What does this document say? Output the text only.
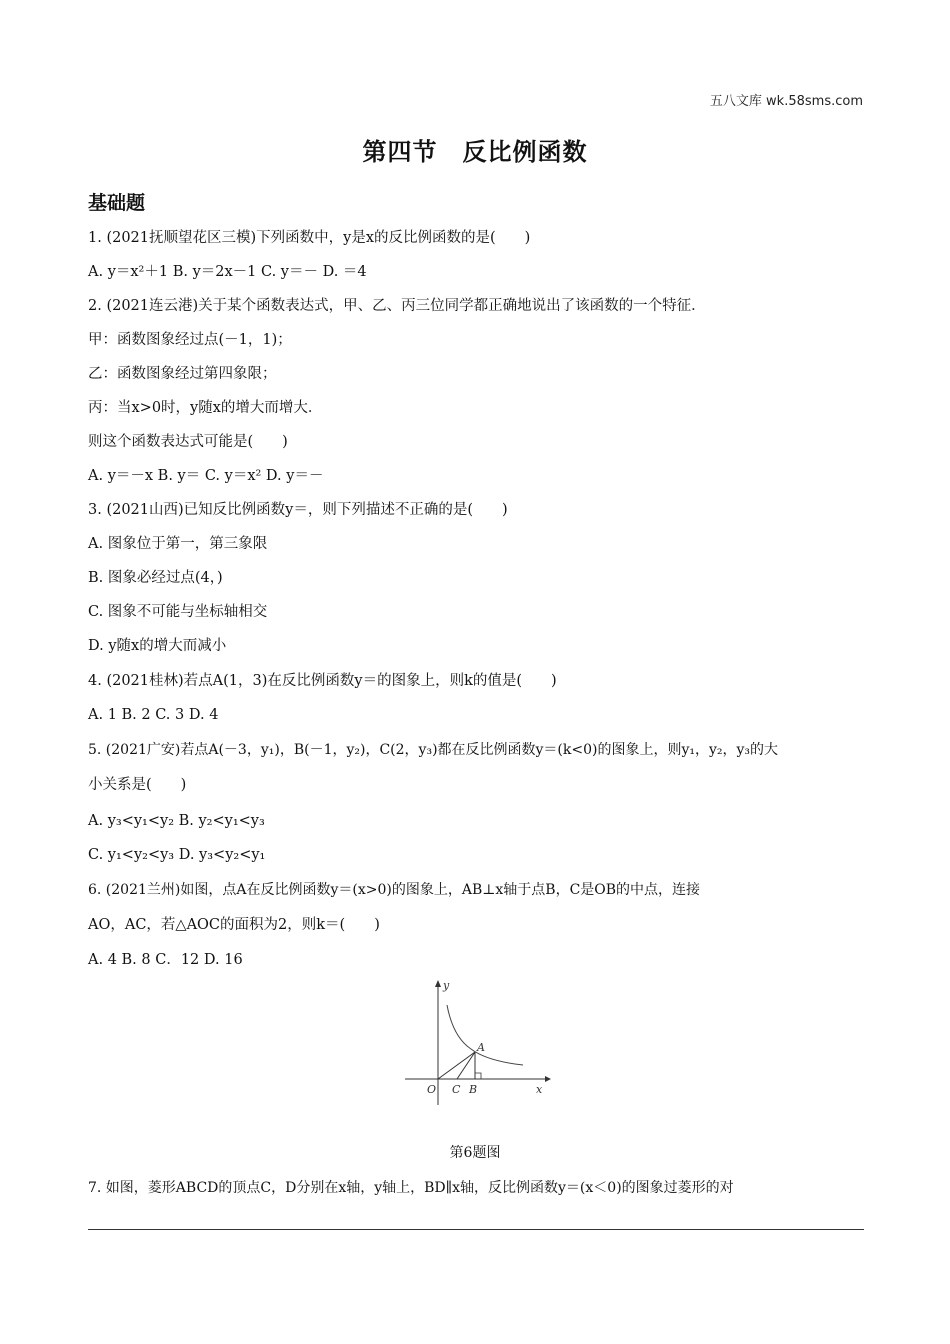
五八文库 wk.58sms.com
第四节　反比例函数
基础题
1. (2021抚顺望花区三模)下列函数中，y是x的反比例函数的是(　　)
A. y＝x²＋1 B. y＝2x－1 C. y＝－ D. ＝4
2. (2021连云港)关于某个函数表达式，甲、乙、丙三位同学都正确地说出了该函数的一个特征．
甲：函数图象经过点(－1，1)；
乙：函数图象经过第四象限；
丙：当x>0时，y随x的增大而增大．
则这个函数表达式可能是(　　)
A. y＝－x B. y＝ C. y＝x² D. y＝－
3. (2021山西)已知反比例函数y＝，则下列描述不正确的是(　　)
A. 图象位于第一，第三象限
B. 图象必经过点(4，)
C. 图象不可能与坐标轴相交
D. y随x的增大而减小
4. (2021桂林)若点A(1，3)在反比例函数y＝的图象上，则k的值是(　　)
A. 1 B. 2 C. 3 D. 4
5. (2021广安)若点A(－3，y₁)，B(－1，y₂)，C(2，y₃)都在反比例函数y＝(k<0)的图象上，则y₁，y₂，y₃的大
小关系是(　　)
A. y₃<y₁<y₂ B. y₂<y₁<y₃
C. y₁<y₂<y₃ D. y₃<y₂<y₁
6. (2021兰州)如图，点A在反比例函数y＝(x>0)的图象上，AB⊥x轴于点B，C是OB的中点，连接
AO，AC，若△AOC的面积为2，则k＝(　　)
A. 4 B. 8 C．12 D. 16
y
x
O
A
B
C
第6题图
7. 如图，菱形ABCD的顶点C，D分别在x轴，y轴上，BD∥x轴，反比例函数y＝(x＜0)的图象过菱形的对
